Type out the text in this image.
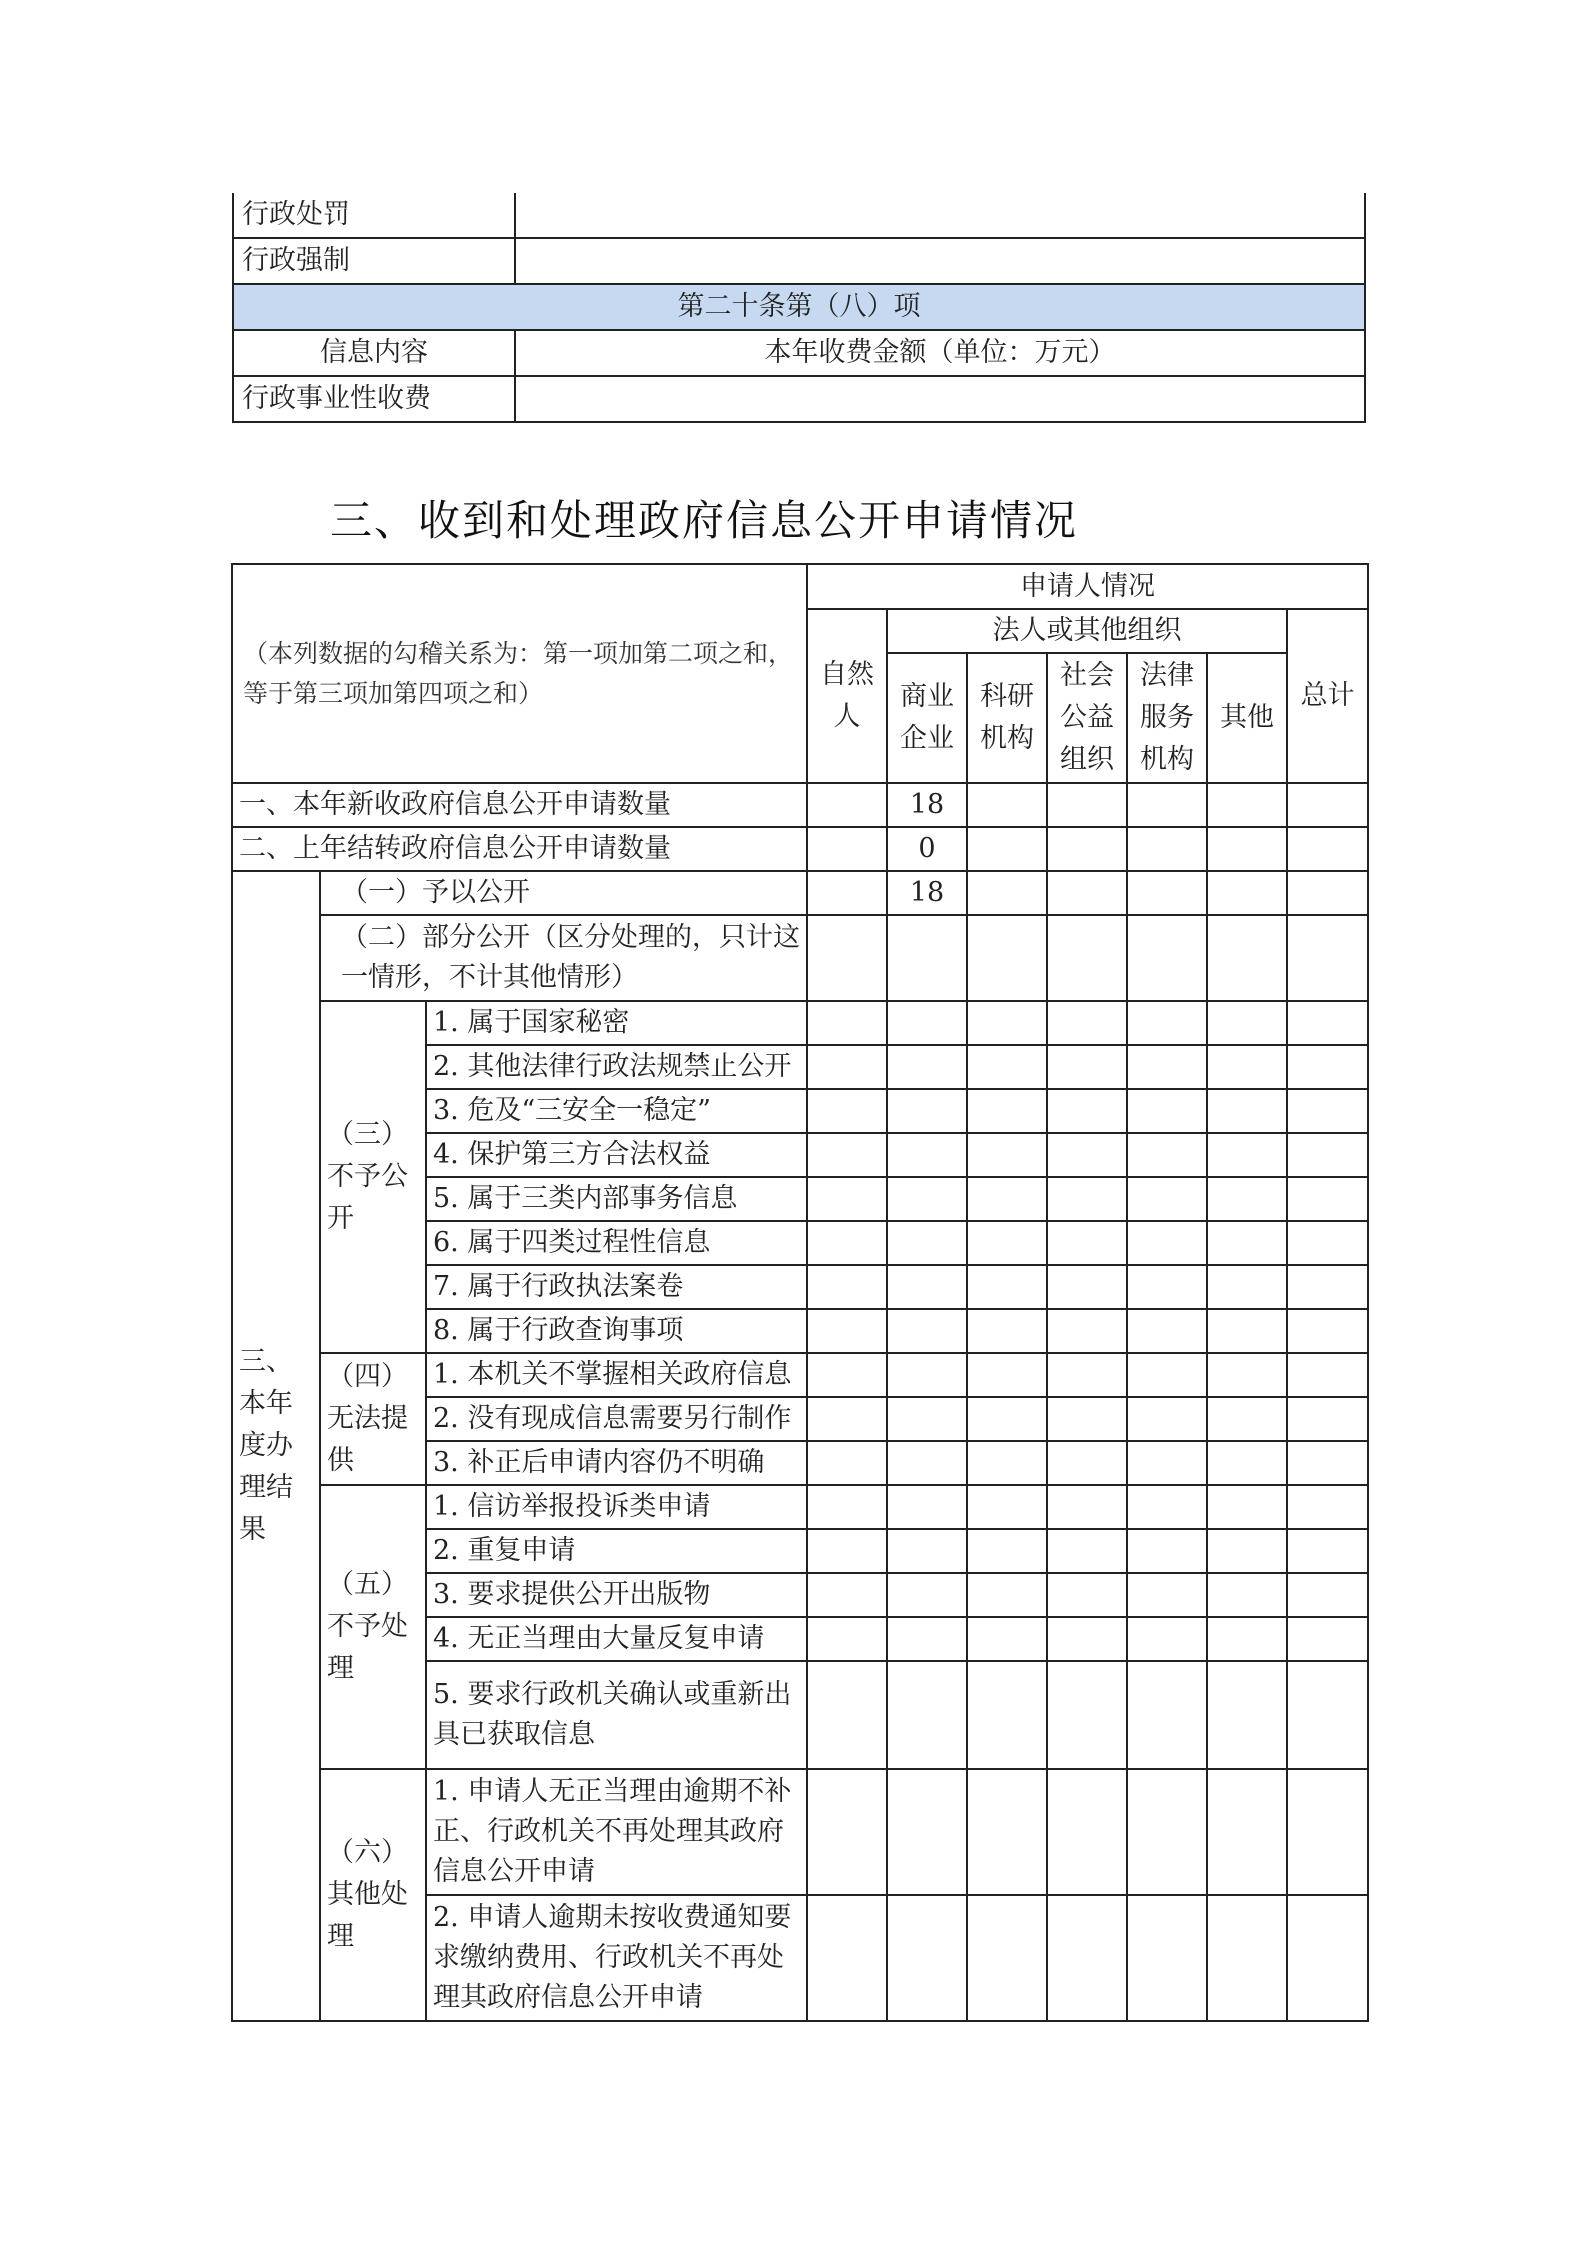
行政处罚	
行政强制	
第二十条第（八）项	
信息内容	本年收费金额（单位：万元）
行政事业性收费	
三、收到和处理政府信息公开申请情况
（本列数据的勾稽关系为：第一项加第二项之和，等于第三项加第四项之和）			申请人情况						
			自然人	法人或其他组织					总计
				商业企业	科研机构	社会公益组织	法律服务机构	其他	
一、本年新收政府信息公开申请数量				18					
二、上年结转政府信息公开申请数量				0					
三、本年度办理结果	（一）予以公开			18					
	（二）部分公开（区分处理的，只计这一情形，不计其他情形）								
	（三）不予公开	1. 属于国家秘密							
		2. 其他法律行政法规禁止公开							
		3. 危及“三安全一稳定”							
		4. 保护第三方合法权益							
		5. 属于三类内部事务信息							
		6. 属于四类过程性信息							
		7. 属于行政执法案卷							
		8. 属于行政查询事项							
	（四）无法提供	1. 本机关不掌握相关政府信息							
		2. 没有现成信息需要另行制作							
		3. 补正后申请内容仍不明确							
	（五）不予处理	1. 信访举报投诉类申请							
		2. 重复申请							
		3. 要求提供公开出版物							
		4. 无正当理由大量反复申请							
		5. 要求行政机关确认或重新出具已获取信息							
	（六）其他处理	1. 申请人无正当理由逾期不补正、行政机关不再处理其政府信息公开申请							
		2. 申请人逾期未按收费通知要求缴纳费用、行政机关不再处理其政府信息公开申请							
